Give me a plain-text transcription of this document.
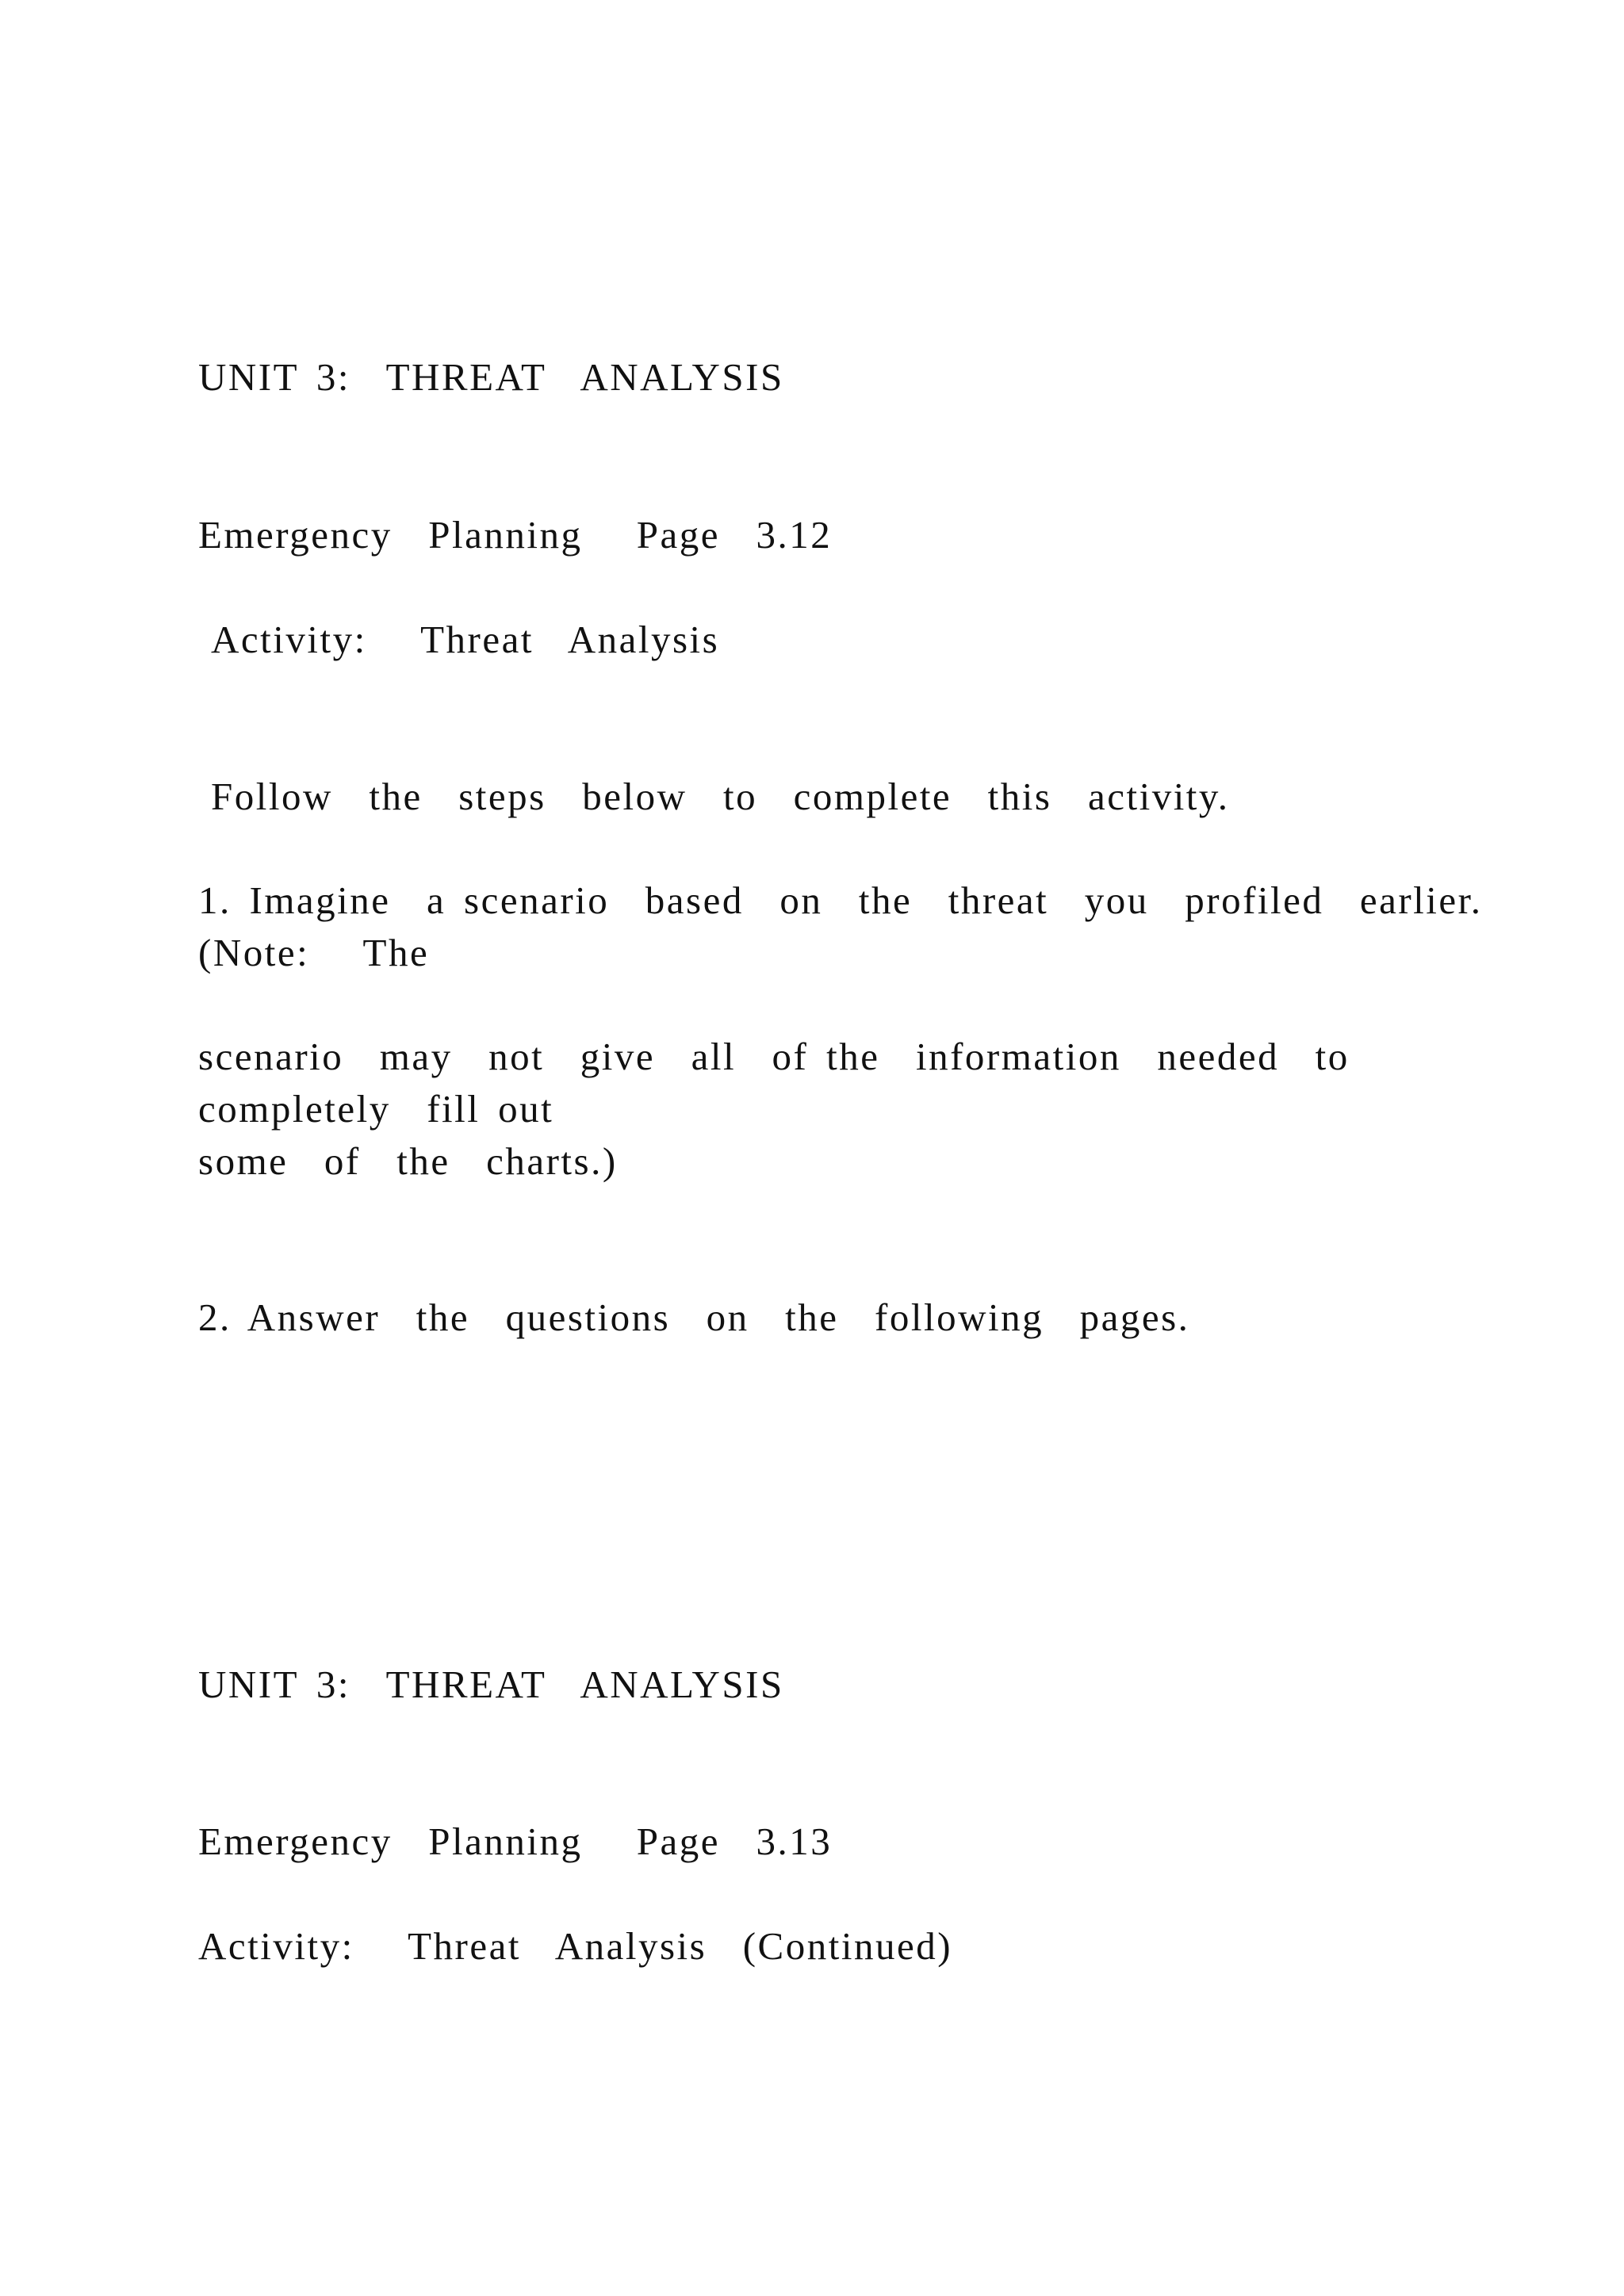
UNIT 3:  THREAT  ANALYSIS

Emergency  Planning   Page  3.12

Activity:   Threat  Analysis

Follow  the  steps  below  to  complete  this  activity.

1. Imagine  a scenario  based  on  the  threat  you  profiled  earlier.

(Note:   The

scenario  may  not  give  all  of the  information  needed  to

completely  fill out

some  of  the  charts.)

2. Answer  the  questions  on  the  following  pages.

UNIT 3:  THREAT  ANALYSIS

Emergency  Planning   Page  3.13

Activity:   Threat  Analysis  (Continued)
